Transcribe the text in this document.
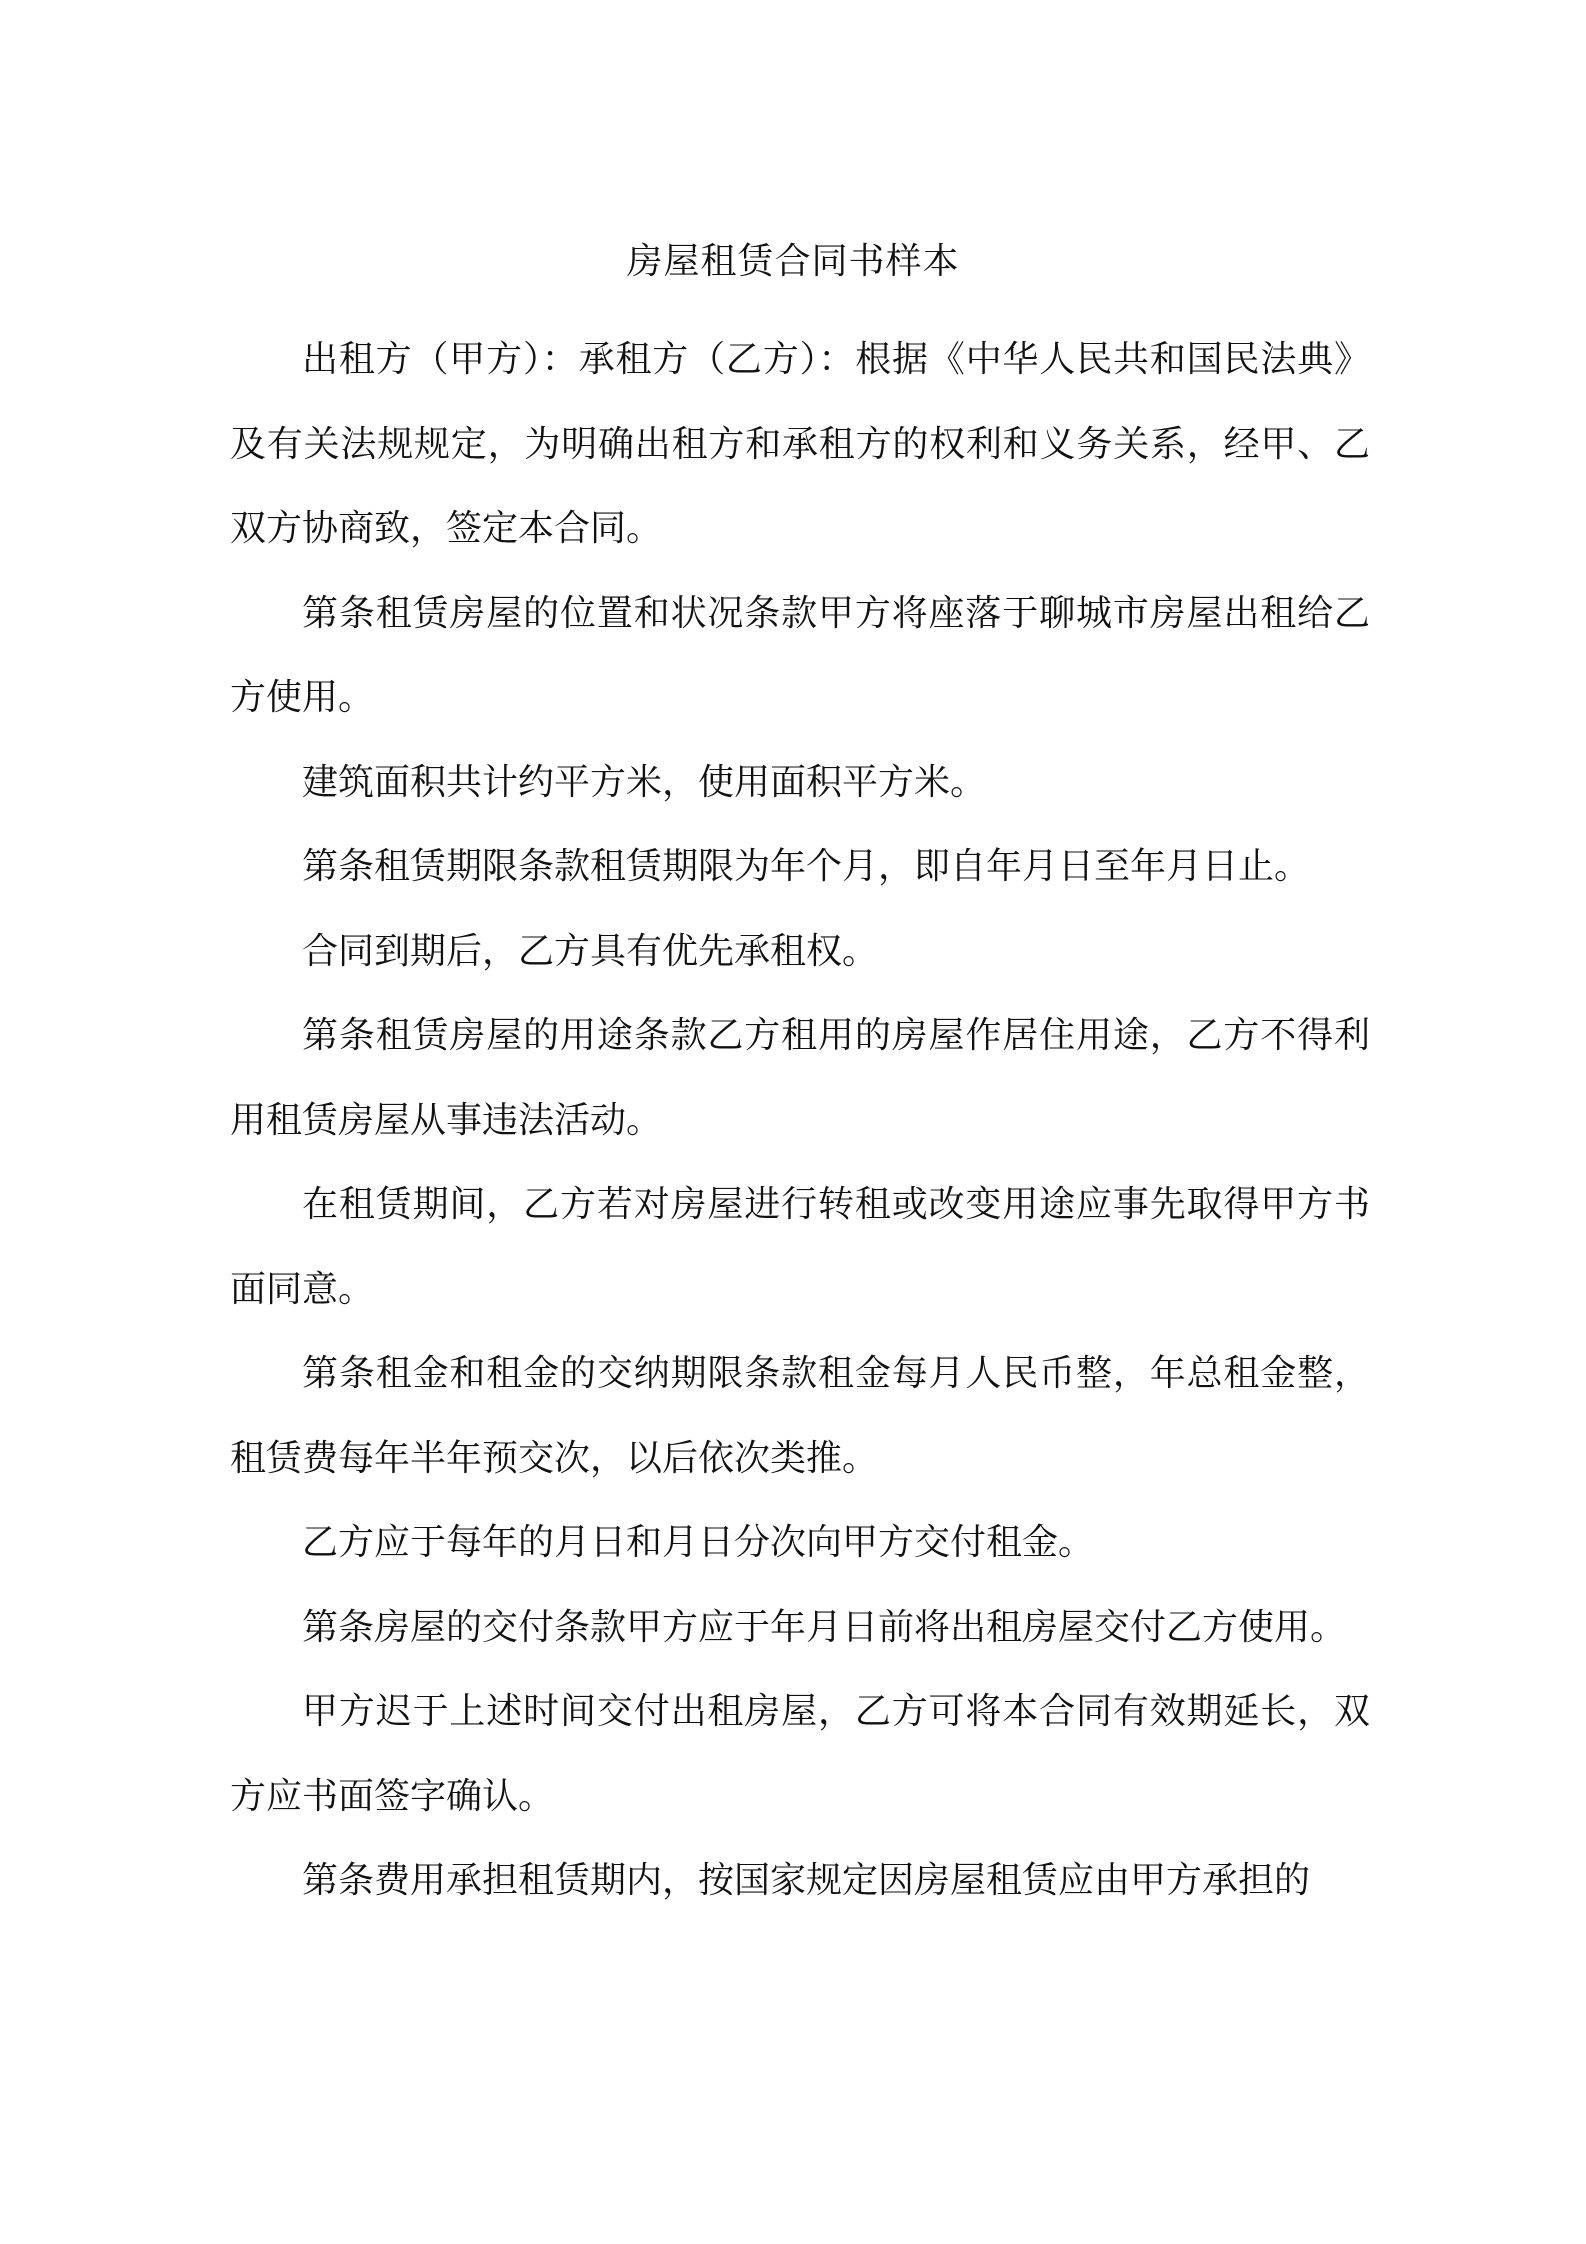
房屋租赁合同书样本

出租方（甲方）：承租方（乙方）：根据《中华人民共和国民法典》及有关法规规定，为明确出租方和承租方的权利和义务关系，经甲、乙双方协商致，签定本合同。

第条租赁房屋的位置和状况条款甲方将座落于聊城市房屋出租给乙方使用。

建筑面积共计约平方米，使用面积平方米。

第条租赁期限条款租赁期限为年个月，即自年月日至年月日止。

合同到期后，乙方具有优先承租权。

第条租赁房屋的用途条款乙方租用的房屋作居住用途，乙方不得利用租赁房屋从事违法活动。

在租赁期间，乙方若对房屋进行转租或改变用途应事先取得甲方书面同意。

第条租金和租金的交纳期限条款租金每月人民币整，年总租金整，租赁费每年半年预交次，以后依次类推。

乙方应于每年的月日和月日分次向甲方交付租金。

第条房屋的交付条款甲方应于年月日前将出租房屋交付乙方使用。

甲方迟于上述时间交付出租房屋，乙方可将本合同有效期延长，双方应书面签字确认。

第条费用承担租赁期内，按国家规定因房屋租赁应由甲方承担的
